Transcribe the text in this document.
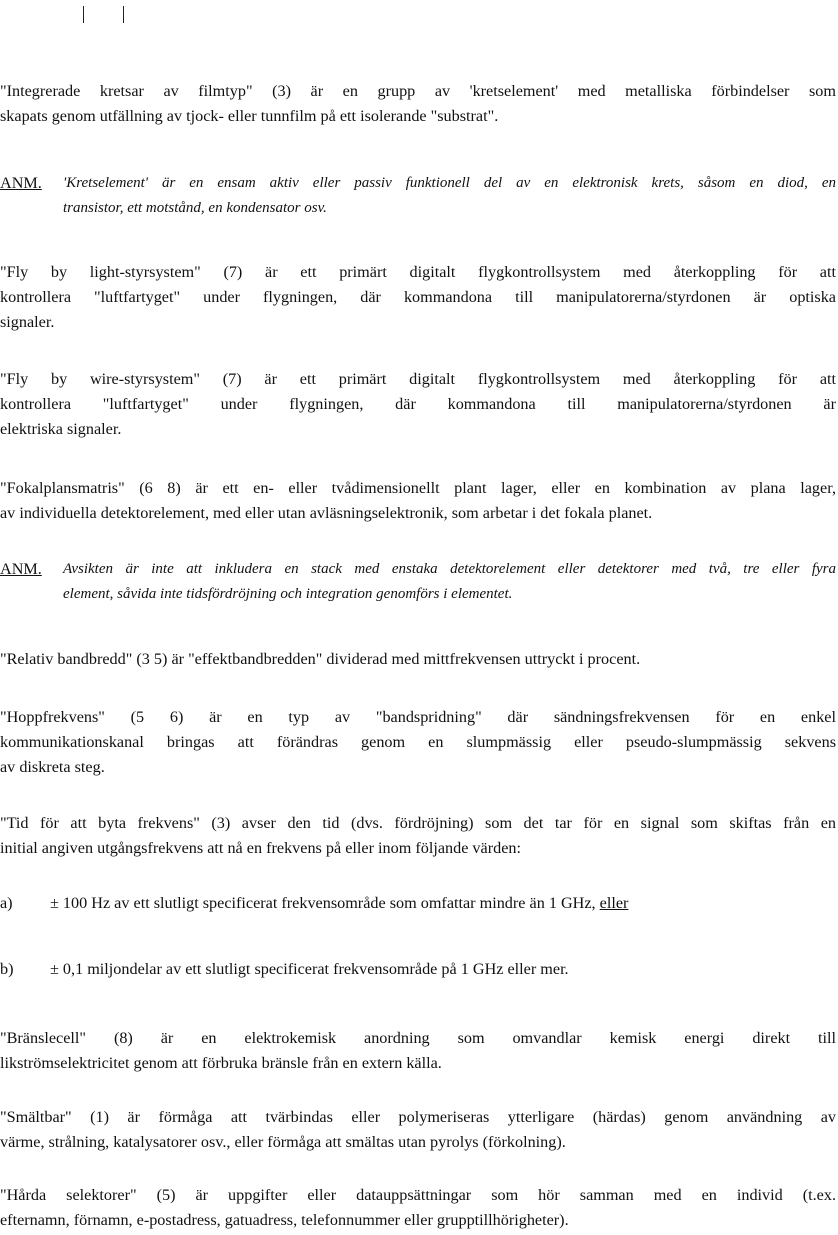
"Integrerade kretsar av filmtyp" (3) är en grupp av 'kretselement' med metalliska förbindelser som
skapats genom utfällning av tjock- eller tunnfilm på ett isolerande "substrat".
ANM. 'Kretselement' är en ensam aktiv eller passiv funktionell del av en elektronisk krets, såsom en diod, en
transistor, ett motstånd, en kondensator osv.
"Fly by light-styrsystem" (7) är ett primärt digitalt flygkontrollsystem med återkoppling för att
kontrollera "luftfartyget" under flygningen, där kommandona till manipulatorerna/styrdonen är optiska
signaler.
"Fly by wire-styrsystem" (7) är ett primärt digitalt flygkontrollsystem med återkoppling för att
kontrollera "luftfartyget" under flygningen, där kommandona till manipulatorerna/styrdonen är
elektriska signaler.
"Fokalplansmatris" (6 8) är ett en- eller tvådimensionellt plant lager, eller en kombination av plana lager,
av individuella detektorelement, med eller utan avläsningselektronik, som arbetar i det fokala planet.
ANM. Avsikten är inte att inkludera en stack med enstaka detektorelement eller detektorer med två, tre eller fyra
element, såvida inte tidsfördröjning och integration genomförs i elementet.
"Relativ bandbredd" (3 5) är "effektbandbredden" dividerad med mittfrekvensen uttryckt i procent.
"Hoppfrekvens" (5 6) är en typ av "bandspridning" där sändningsfrekvensen för en enkel
kommunikationskanal bringas att förändras genom en slumpmässig eller pseudo-slumpmässig sekvens
av diskreta steg.
"Tid för att byta frekvens" (3) avser den tid (dvs. fördröjning) som det tar för en signal som skiftas från en
initial angiven utgångsfrekvens att nå en frekvens på eller inom följande värden:
a) ± 100 Hz av ett slutligt specificerat frekvensområde som omfattar mindre än 1 GHz, eller
b) ± 0,1 miljondelar av ett slutligt specificerat frekvensområde på 1 GHz eller mer.
"Bränslecell" (8) är en elektrokemisk anordning som omvandlar kemisk energi direkt till
likströmselektricitet genom att förbruka bränsle från en extern källa.
"Smältbar" (1) är förmåga att tvärbindas eller polymeriseras ytterligare (härdas) genom användning av
värme, strålning, katalysatorer osv., eller förmåga att smältas utan pyrolys (förkolning).
"Hårda selektorer" (5) är uppgifter eller datauppsättningar som hör samman med en individ (t.ex.
efternamn, förnamn, e-postadress, gatuadress, telefonnummer eller grupptillhörigheter).
